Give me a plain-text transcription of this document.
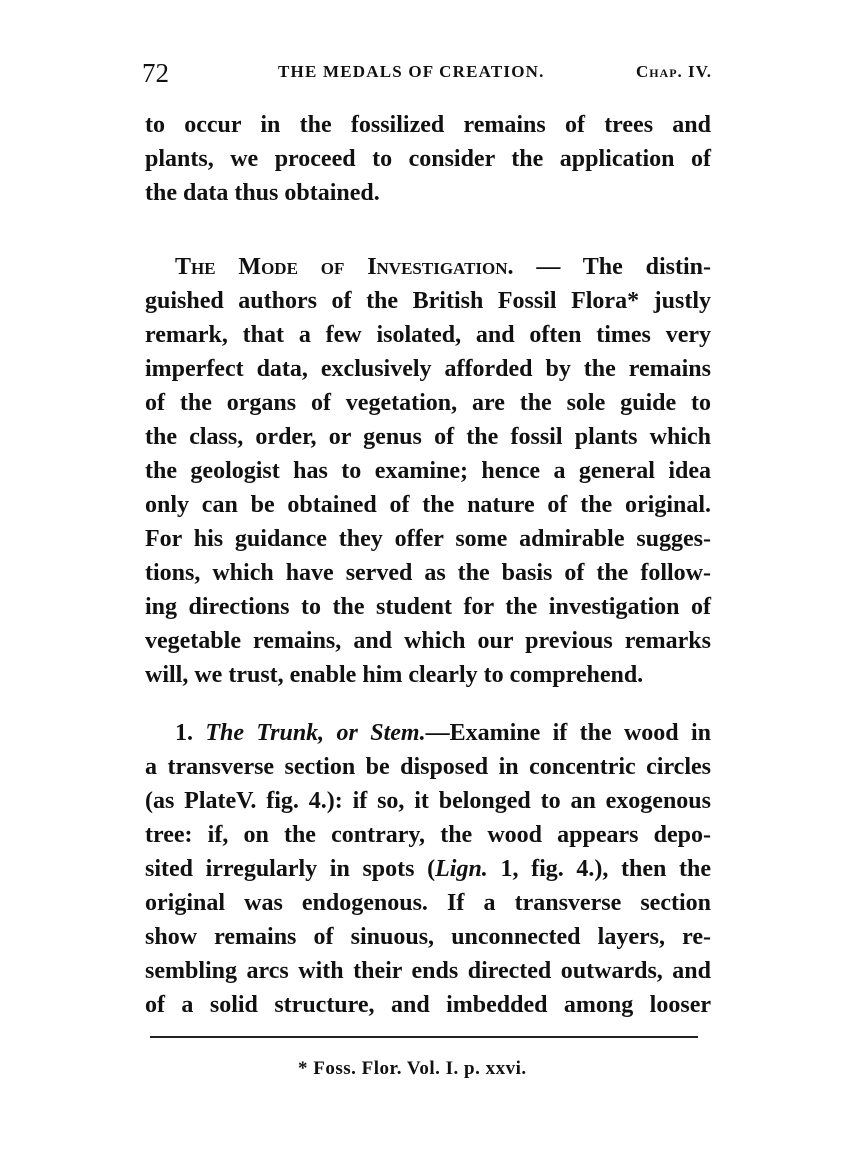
72	THE MEDALS OF CREATION.	Chap. IV.
to occur in the fossilized remains of trees and
plants, we proceed to consider the application of
the data thus obtained.
The Mode of Investigation. — The distin-
guished authors of the British Fossil Flora* justly
remark, that a few isolated, and often times very
imperfect data, exclusively afforded by the remains
of the organs of vegetation, are the sole guide to
the class, order, or genus of the fossil plants which
the geologist has to examine; hence a general idea
only can be obtained of the nature of the original.
For his guidance they offer some admirable sugges-
tions, which have served as the basis of the follow-
ing directions to the student for the investigation of
vegetable remains, and which our previous remarks
will, we trust, enable him clearly to comprehend.
1. The Trunk, or Stem.—Examine if the wood in
a transverse section be disposed in concentric circles
(as PlateV. fig. 4.): if so, it belonged to an exogenous
tree: if, on the contrary, the wood appears depo-
sited irregularly in spots (Lign. 1, fig. 4.), then the
original was endogenous. If a transverse section
show remains of sinuous, unconnected layers, re-
sembling arcs with their ends directed outwards, and
of a solid structure, and imbedded among looser
* Foss. Flor. Vol. I. p. xxvi.
